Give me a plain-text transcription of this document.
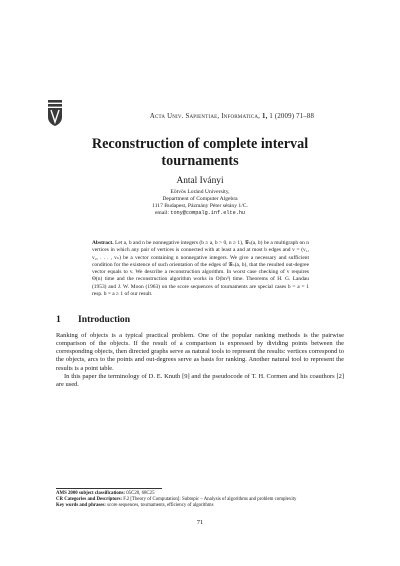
Acta Univ. Sapientiae, Informatica, 1, 1 (2009) 71–88
Reconstruction of complete interval
tournaments
Antal Iványi
Eötvös Loránd University,
Department of Computer Algebra
1117 Budapest, Pázmány Péter sétány 1/C.
email: tony@compalg.inf.elte.hu
Abstract. Let a, b and n be nonnegative integers (b ≥ a, b > 0, n ≥ 1), 𝒢ₙ(a, b) be a multigraph on n vertices in which any pair of vertices is connected with at least a and at most b edges and v = (v₁, v₂, . . . , vₙ) be a vector containing n nonnegative integers. We give a necessary and sufficient condition for the existence of such orientation of the edges of 𝒢ₙ(a, b), that the resulted out-degree vector equals to v. We describe a reconstruction algorithm. In worst case checking of v requires Θ(n) time and the reconstruction algorithm works in O(bn³) time. Theorems of H. G. Landau (1953) and J. W. Moon (1963) on the score sequences of tournaments are special cases b = a = 1 resp. b = a ≥ 1 of our result.
1 Introduction

Ranking of objects is a typical practical problem. One of the popular ranking methods is the pairwise comparison of the objects. If the result of a comparison is expressed by dividing points between the corresponding objects, then directed graphs serve as natural tools to represent the results: vertices correspond to the objects, arcs to the points and out-degrees serve as basis for ranking. Another natural tool to represent the results is a point table.

In this paper the terminology of D. E. Knuth [9] and the pseudocode of T. H. Cormen and his coauthors [2] are used.

AMS 2000 subject classifications: 05C20, 68C25

CR Categories and Descriptors: F.2 [Theory of Computation]: Subtopic – Analysis of algorithms and problem complexity

Key words and phrases: score sequences, tournaments, efficiency of algorithms

71
